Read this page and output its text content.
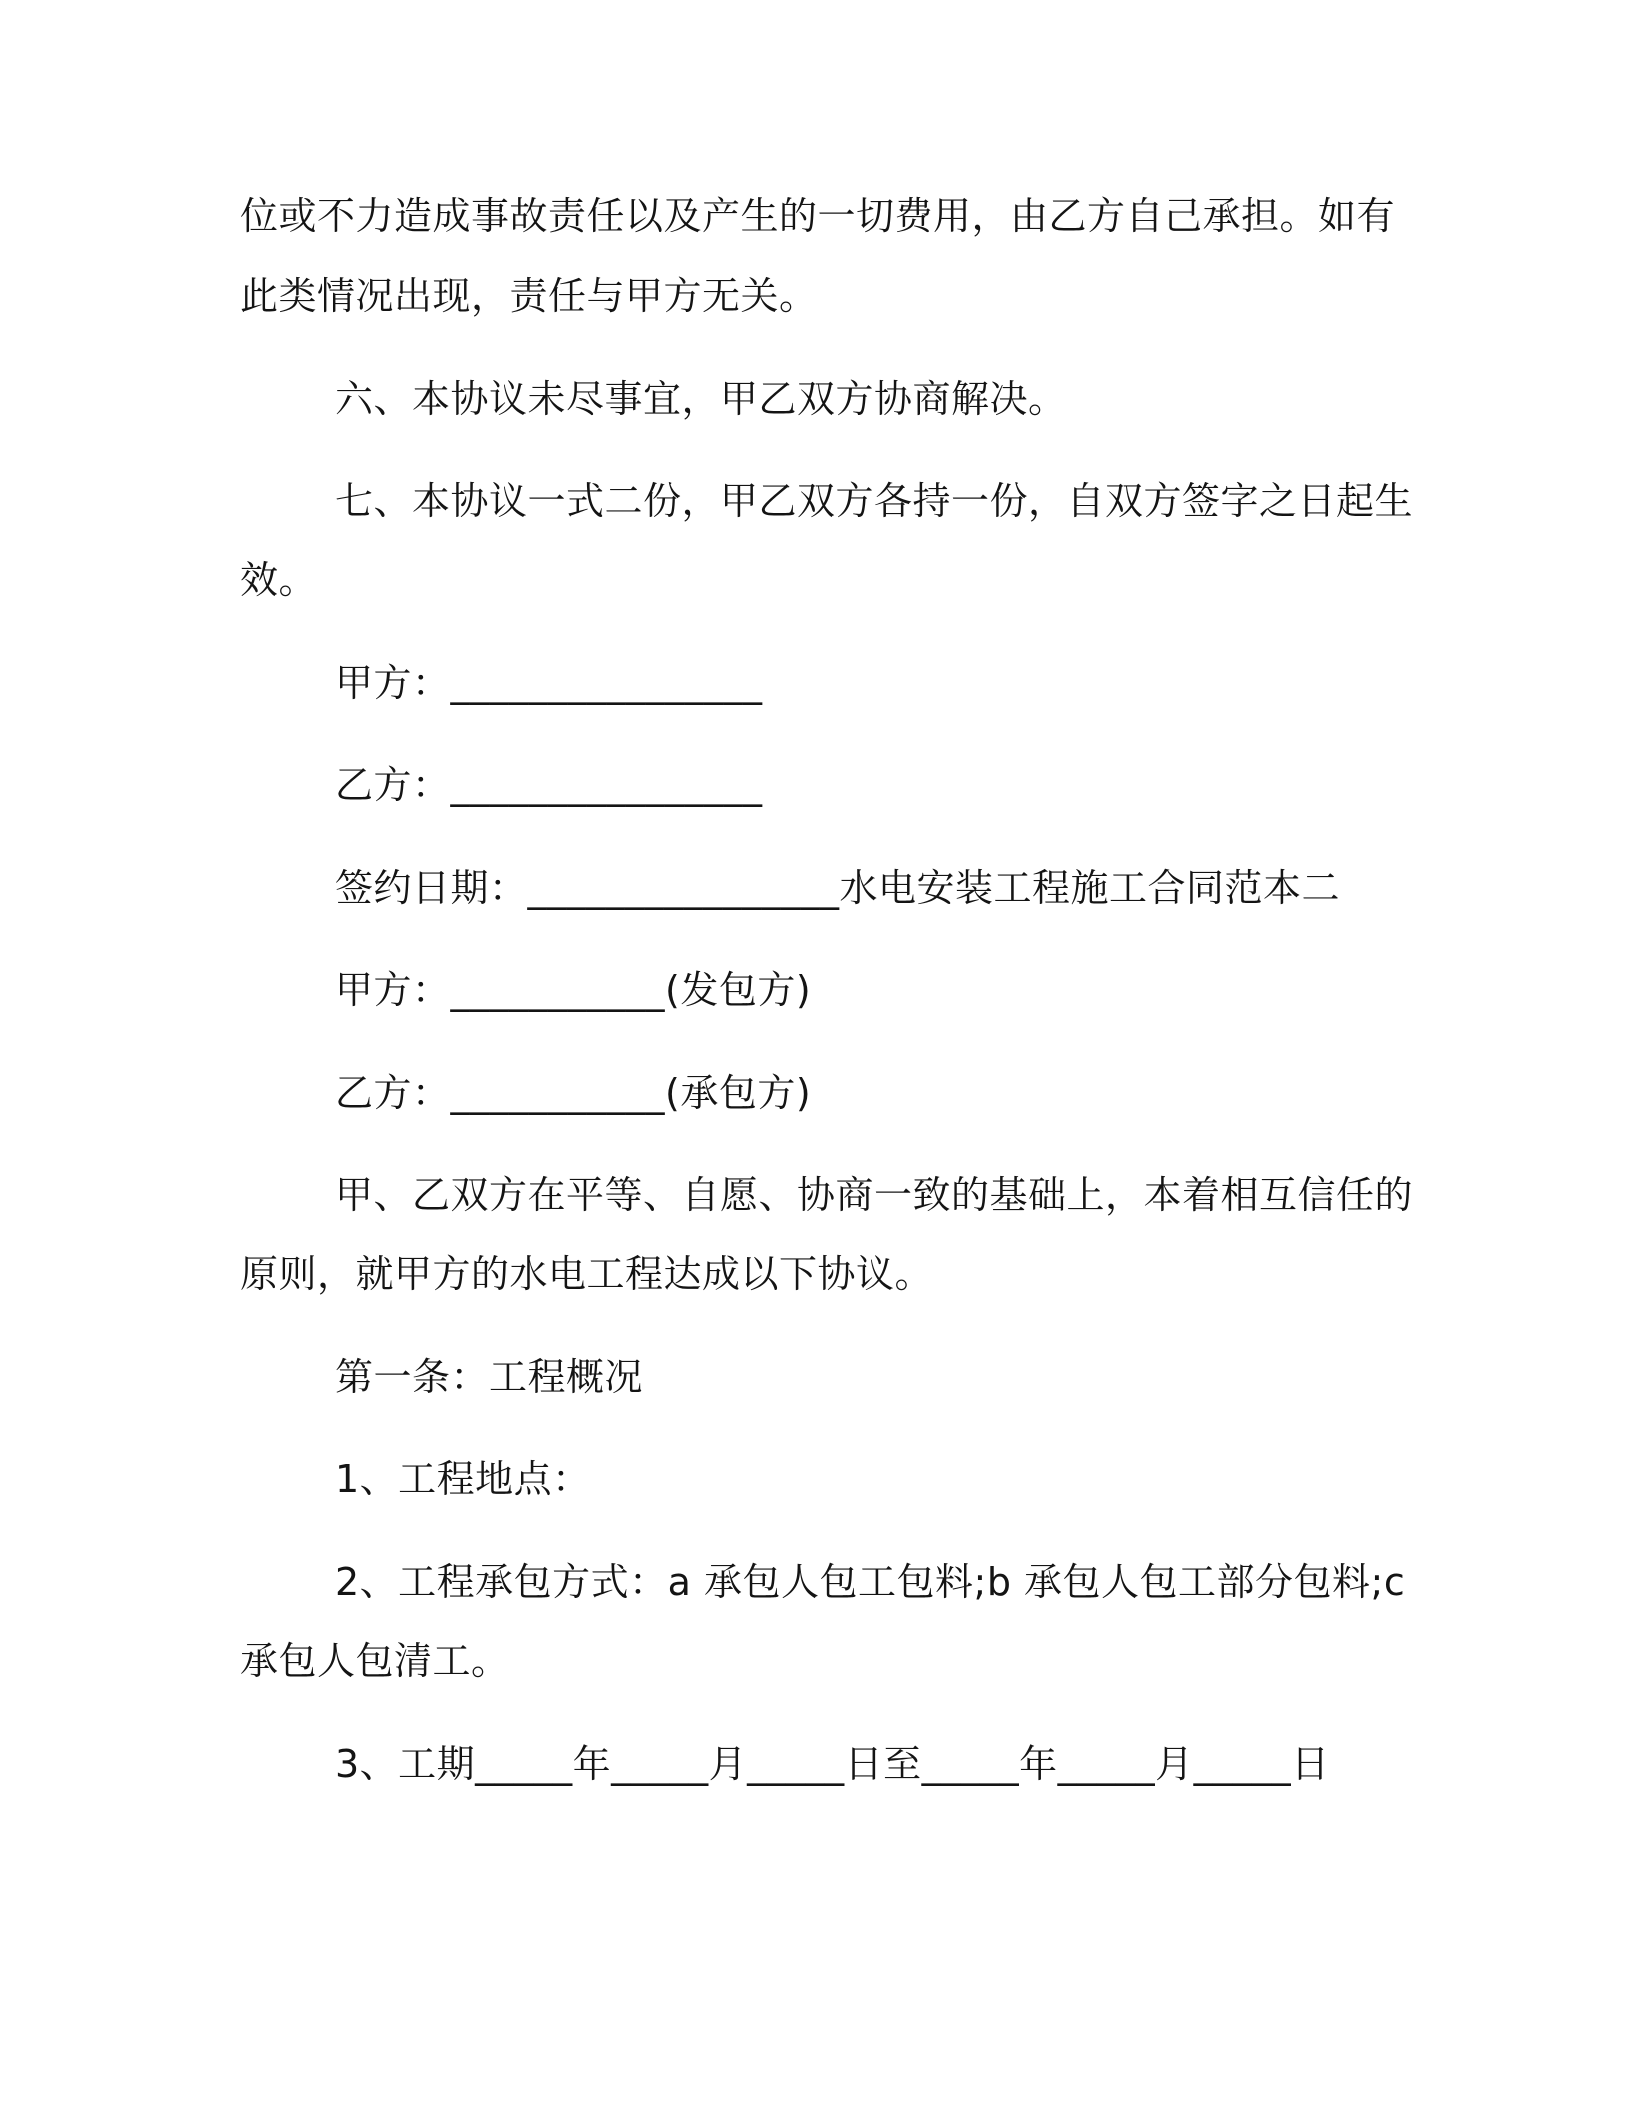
位或不力造成事故责任以及产生的一切费用，由乙方自己承担。如有
此类情况出现，责任与甲方无关。
六、本协议未尽事宜，甲乙双方协商解决。
七、本协议一式二份，甲乙双方各持一份，自双方签字之日起生
效。
甲方：________________
乙方：________________
签约日期：________________水电安装工程施工合同范本二
甲方：___________(发包方)
乙方：___________(承包方)
甲、乙双方在平等、自愿、协商一致的基础上，本着相互信任的
原则，就甲方的水电工程达成以下协议。
第一条：工程概况
1、工程地点：
2、工程承包方式：a 承包人包工包料;b 承包人包工部分包料;c
承包人包清工。
3、工期_____年_____月_____日至_____年_____月_____日
